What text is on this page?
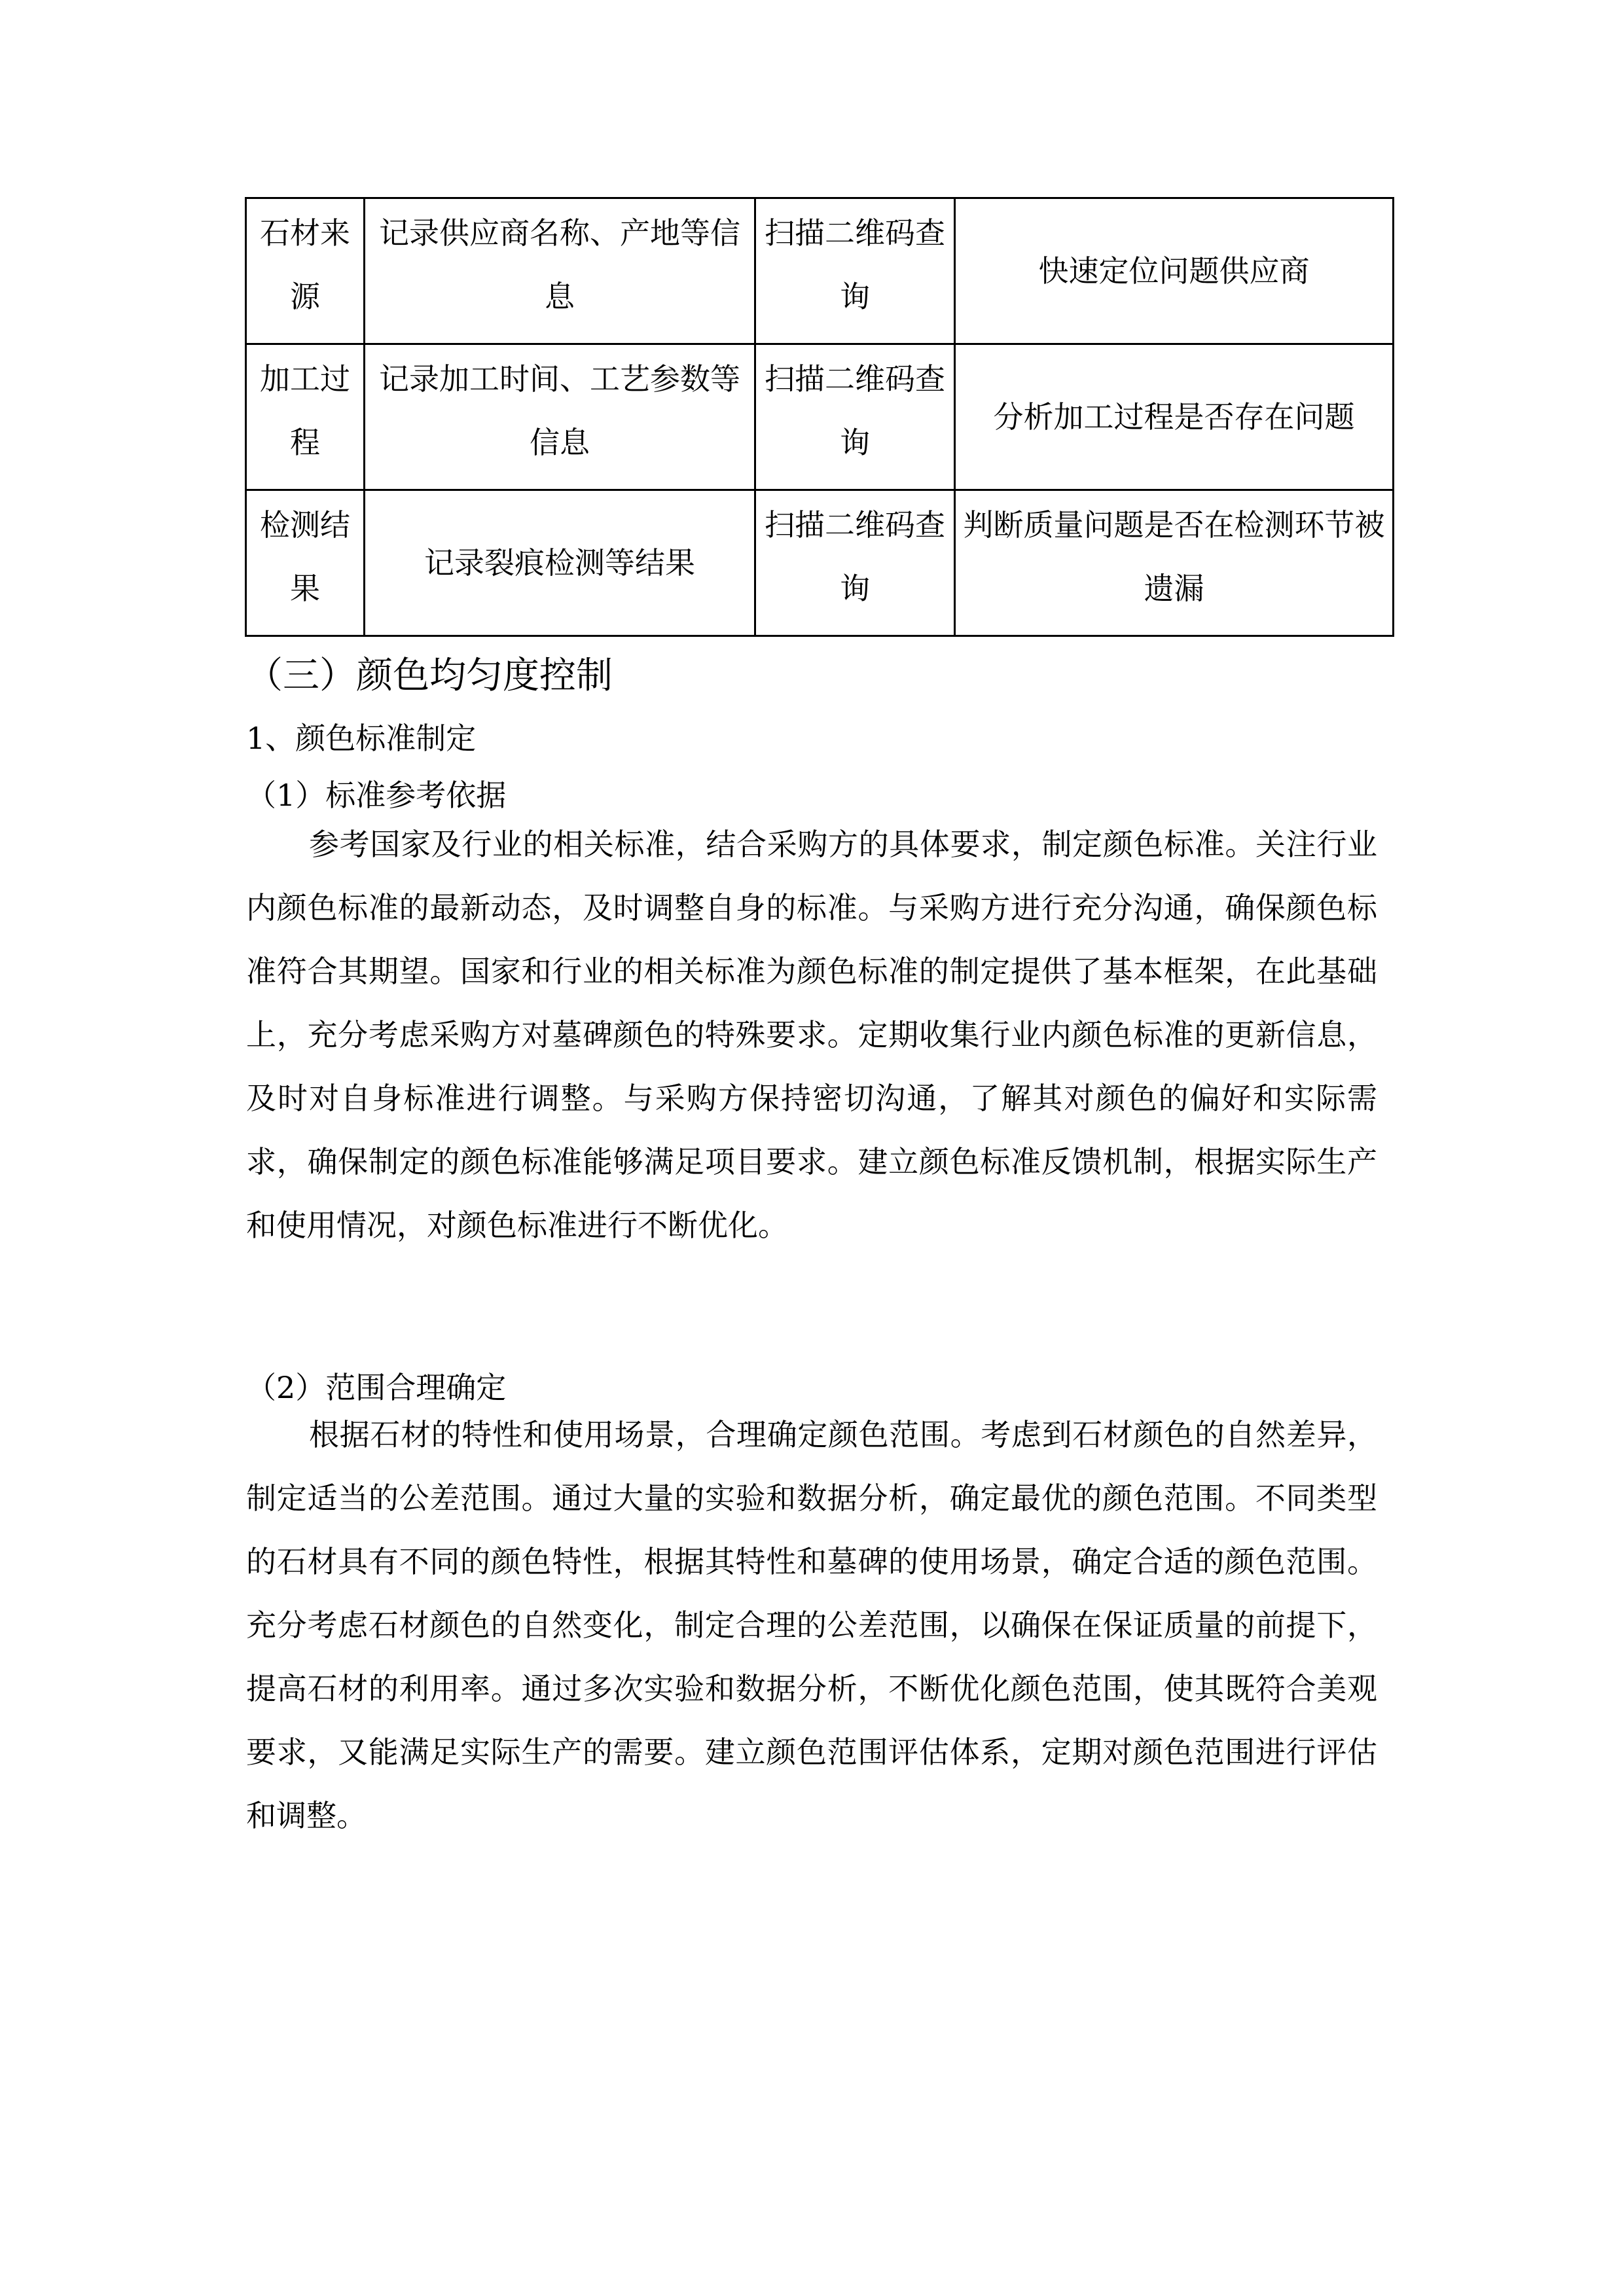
石材来源	记录供应商名称、产地等信息	扫描二维码查询	快速定位问题供应商
加工过程	记录加工时间、工艺参数等信息	扫描二维码查询	分析加工过程是否存在问题
检测结果	记录裂痕检测等结果	扫描二维码查询	判断质量问题是否在检测环节被遗漏
（三）颜色均匀度控制
1、颜色标准制定
（1）标准参考依据

参考国家及行业的相关标准，结合采购方的具体要求，制定颜色标准。关注行业内颜色标准的最新动态，及时调整自身的标准。与采购方进行充分沟通，确保颜色标准符合其期望。国家和行业的相关标准为颜色标准的制定提供了基本框架，在此基础上，充分考虑采购方对墓碑颜色的特殊要求。定期收集行业内颜色标准的更新信息，及时对自身标准进行调整。与采购方保持密切沟通，了解其对颜色的偏好和实际需求，确保制定的颜色标准能够满足项目要求。建立颜色标准反馈机制，根据实际生产和使用情况，对颜色标准进行不断优化。

（2）范围合理确定

根据石材的特性和使用场景，合理确定颜色范围。考虑到石材颜色的自然差异，制定适当的公差范围。通过大量的实验和数据分析，确定最优的颜色范围。不同类型的石材具有不同的颜色特性，根据其特性和墓碑的使用场景，确定合适的颜色范围。充分考虑石材颜色的自然变化，制定合理的公差范围，以确保在保证质量的前提下，提高石材的利用率。通过多次实验和数据分析，不断优化颜色范围，使其既符合美观要求，又能满足实际生产的需要。建立颜色范围评估体系，定期对颜色范围进行评估和调整。
